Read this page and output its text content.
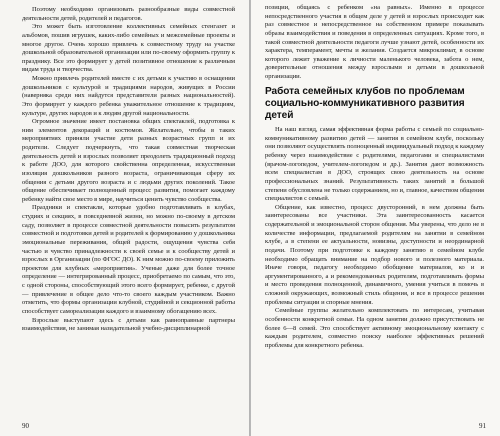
Поэтому необходимо организовать разнообразные виды совместной деятельности детей, родителей и педагогов.

Это может быть изготовление коллективных семейных стенгазет и альбомов, пошив игрушек, каких-либо семейных и межсемейные проекты и многое другое. Очень хорошо привлечь к совместному труду на участке дошкольной образовательной организации или по-своему оформить группу к празднику. Все это формирует у детей позитивное отношение к различным видам труда и творчества.

Можно привлечь родителей вместе с их детьми к участию в оснащении дошкольников с культурой и традициями народов, живущих в России (наверняка среди них найдутся представители разных национальностей). Это формирует у каждого ребенка уважительное отношение к традициям, культуре, других народов и к людям другой национальности.

Огромное значение имеет постановка общих спектаклей, подготовка к ним элементов декораций и костюмов. Желательно, чтобы в таких мероприятиях приняли участие дети разных возрастных групп и их родители. Следует подчеркнуть, что такая совместная творческая деятельность детей и взрослых позволяет преодолеть традиционный подход к работе ДОО, для которого свойственна определенная, искусственная изоляция дошкольников разного возраста, ограничивающая сферу их общения с детьми другого возраста и с людьми других поколений. Такое общение обеспечивает полноценный процесс развития, помогает каждому ребенку найти свое место в мире, научиться ценить чувство сообщества.

Праздники и спектакли, которые удобно подготавливать в клубах, студиях и секциях, в повседневной жизни, но можно по-своему в детском саду, позволяет в процессе совместной деятельности повысить результатом совместной и подготовки детей и родителей к формированию у дошкольника эмоциональные переживания, общей радости, ощущения чувства себя частью и чувство принадлежности к своей семье и к сообществу детей и взрослых в Организации (по ФГОС ДО). К ним можно по-своему приложить проектом для клубных «мероприятия». Ученые даже для более точное определение — интегрированный процесс, приобретаемо по самым, что это, с одной стороны, способствующий этого всего формирует, ребенке, с другой — привлечение в общее дело что-то своего каждым участником. Важно отметить, что формы организации клубной, студийной и секционной работы способствует самореализации каждого и взаимному обогащению всех.

Взрослые выступают здесь с детьми как равноправные партнеры взаимодействия, не занимая назидательной учебно-дисциплинарной

90

позиции, общаясь с ребенком «на равных». Именно в процессе непосредственного участия в общем деле у детей и взрослых происходит как раз совместное и непосредственное на собственном примере показывать образы взаимодействия и поведения в определенных ситуациях. Кроме того, в такой совместной деятельности педагоги лучше узнают детей, особенности их характера, темперамент, мечты и желания. Создается микроклимат, в основе которого лежит уважение к личности маленького человека, забота о нем, доверительные отношения между взрослыми и детьми в дошкольной организации.

Работа семейных клубов по проблемам социально-коммуникативного развития детей

На наш взгляд, самая эффективная форма работы с семьей по социально-коммуникативному развитию детей — занятия в семейном клубе, поскольку они позволяют осуществлять полноценный индивидуальный подход к каждому ребенку через взаимодействие с родителями, педагогами и специалистами (врачом-логопедом, учителем-логопедом и др.). Занятия дают возможность всем специалистам в ДОО, строящих свою деятельность на основе профессиональных знаний. Результативность таких занятий в большой степени обусловлена не только содержанием, но и, главное, качеством общения специалистов с семьей.

Общение, как известно, процесс двусторонний, в нем должны быть заинтересованы все участники. Эта заинтересованность касается содержательной и эмоциональной сторон общения. Мы уверены, что дело не в количестве информации, предлагаемой родителям на занятии в семейном клубе, а в степени ее актуальности, новизны, доступности и неординарной подачи. Поэтому при подготовке к каждому занятию в семейном клубе необходимо обращать внимание на подбор нового и полезного материала. Иначе говоря, педагогу необходимо обобщение материалов, ко и и аргументированного, а и рекомендованных родителям, подготавливать формы и место проведения полноценной, динамичного, умения учиться в помочь в сложной окружающих, возможный стиль общения, и все в процессе решения проблемы ситуации и спорные мнения.

Семейные группы желательно комплектовать по интересам, учитывая особенности конкретной семьи. На одном занятии должно присутствовать не более 6—8 семей. Это способствует активному эмоциональному контакту с каждым родителем, совместно поиску наиболее эффективных решений проблемы для конкретного ребенка.

91
